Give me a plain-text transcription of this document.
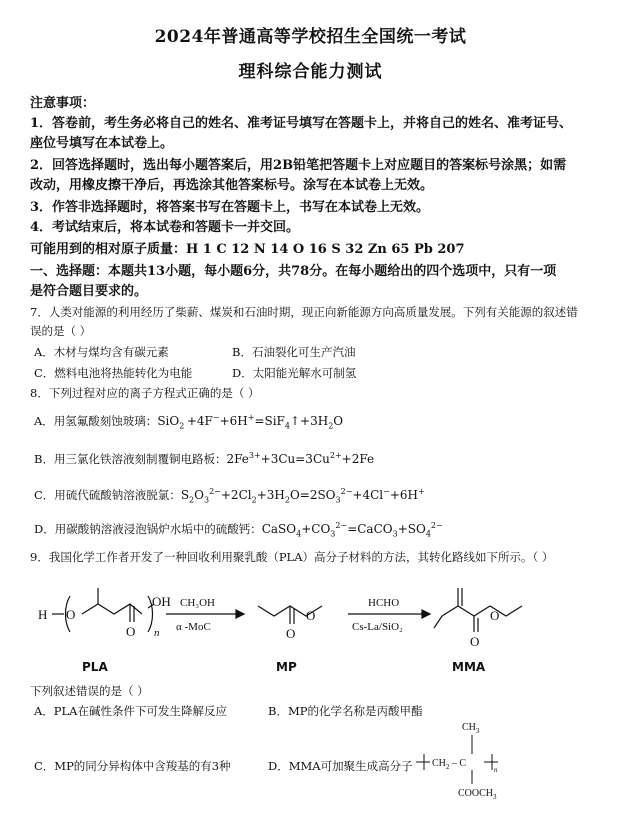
2024年普通高等学校招生全国统一考试
理科综合能力测试
注意事项：
1．答卷前，考生务必将自己的姓名、准考证号填写在答题卡上，并将自己的姓名、准考证号、
座位号填写在本试卷上。
2．回答选择题时，选出每小题答案后，用2B铅笔把答题卡上对应题目的答案标号涂黑；如需
改动，用橡皮擦干净后，再选涂其他答案标号。涂写在本试卷上无效。
3．作答非选择题时，将答案书写在答题卡上，书写在本试卷上无效。
4．考试结束后，将本试卷和答题卡一并交回。
可能用到的相对原子质量：H 1 C 12 N 14 O 16 S 32 Zn 65 Pb 207
一、选择题：本题共13小题，每小题6分，共78分。在每小题给出的四个选项中，只有一项
是符合题目要求的。
7．人类对能源的利用经历了柴薪、煤炭和石油时期，现正向新能源方向高质量发展。下列有关能源的叙述错
误的是（ ）
A．木材与煤均含有碳元素	B．石油裂化可生产汽油
C．燃料电池将热能转化为电能	D．太阳能光解水可制氢
8．下列过程对应的离子方程式正确的是（ ）
A．用氢氟酸刻蚀玻璃：$SiO_2 +4F^-+6H^+=SiF_4↑+3H_2O$
B．用三氯化铁溶液刻制覆铜电路板：$2Fe^{3+}+3Cu=3Cu^{2+}+2Fe$
C．用硫代硫酸钠溶液脱氯：$S_2O_3^{2-}+2Cl_2+3H_2O=2SO_3^{2-}+4Cl^-+6H^+$
D．用碳酸钠溶液浸泡锅炉水垢中的硫酸钙：$CaSO_4+CO_3^{2-}=CaCO_3+SO_4^{2-}$
9．我国化学工作者开发了一种回收利用聚乳酸（PLA）高分子材料的方法，其转化路线如下所示。（ ）
H O
OH
O n	O
O
O
O
CH₃OH
α -MoC
HCHO
Cs-La/SiO₂
PLA	MP	MMA
下列叙述错误的是（ ）
A．PLA在碱性条件下可发生降解反应	B．MP的化学名称是丙酸甲酯
C．MP的同分异构体中含羧基的有3种	D．MMA可加聚生成高分子
$CH_3$
$CH_2$ – C
$COOCH_3$
n
